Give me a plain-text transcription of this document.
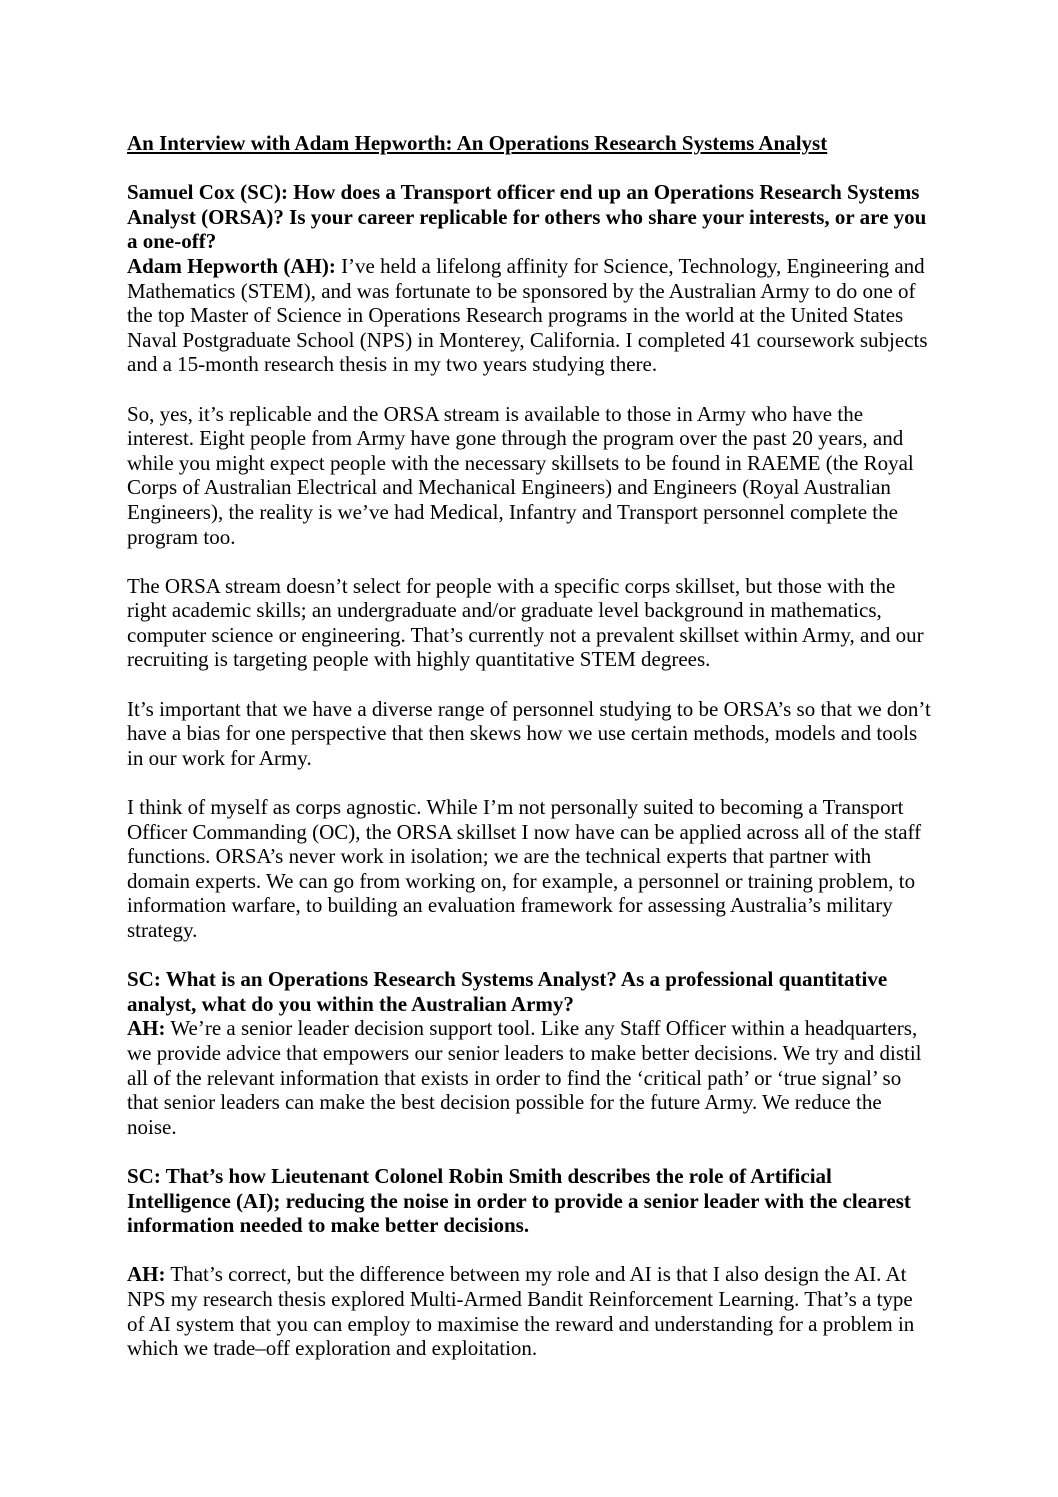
An Interview with Adam Hepworth: An Operations Research Systems Analyst

Samuel Cox (SC): How does a Transport officer end up an Operations Research Systems Analyst (ORSA)? Is your career replicable for others who share your interests, or are you a one-off?

Adam Hepworth (AH): I’ve held a lifelong affinity for Science, Technology, Engineering and Mathematics (STEM), and was fortunate to be sponsored by the Australian Army to do one of the top Master of Science in Operations Research programs in the world at the United States Naval Postgraduate School (NPS) in Monterey, California. I completed 41 coursework subjects and a 15-month research thesis in my two years studying there.

So, yes, it’s replicable and the ORSA stream is available to those in Army who have the interest. Eight people from Army have gone through the program over the past 20 years, and while you might expect people with the necessary skillsets to be found in RAEME (the Royal Corps of Australian Electrical and Mechanical Engineers) and Engineers (Royal Australian Engineers), the reality is we’ve had Medical, Infantry and Transport personnel complete the program too.

The ORSA stream doesn’t select for people with a specific corps skillset, but those with the right academic skills; an undergraduate and/or graduate level background in mathematics, computer science or engineering. That’s currently not a prevalent skillset within Army, and our recruiting is targeting people with highly quantitative STEM degrees.

It’s important that we have a diverse range of personnel studying to be ORSA’s so that we don’t have a bias for one perspective that then skews how we use certain methods, models and tools in our work for Army.

I think of myself as corps agnostic. While I’m not personally suited to becoming a Transport Officer Commanding (OC), the ORSA skillset I now have can be applied across all of the staff functions. ORSA’s never work in isolation; we are the technical experts that partner with domain experts. We can go from working on, for example, a personnel or training problem, to information warfare, to building an evaluation framework for assessing Australia’s military strategy.

SC: What is an Operations Research Systems Analyst? As a professional quantitative analyst, what do you within the Australian Army?

AH: We’re a senior leader decision support tool. Like any Staff Officer within a headquarters, we provide advice that empowers our senior leaders to make better decisions. We try and distil all of the relevant information that exists in order to find the ‘critical path’ or ‘true signal’ so that senior leaders can make the best decision possible for the future Army. We reduce the noise.

SC: That’s how Lieutenant Colonel Robin Smith describes the role of Artificial Intelligence (AI); reducing the noise in order to provide a senior leader with the clearest information needed to make better decisions.

AH: That’s correct, but the difference between my role and AI is that I also design the AI. At NPS my research thesis explored Multi-Armed Bandit Reinforcement Learning. That’s a type of AI system that you can employ to maximise the reward and understanding for a problem in which we trade–off exploration and exploitation.
